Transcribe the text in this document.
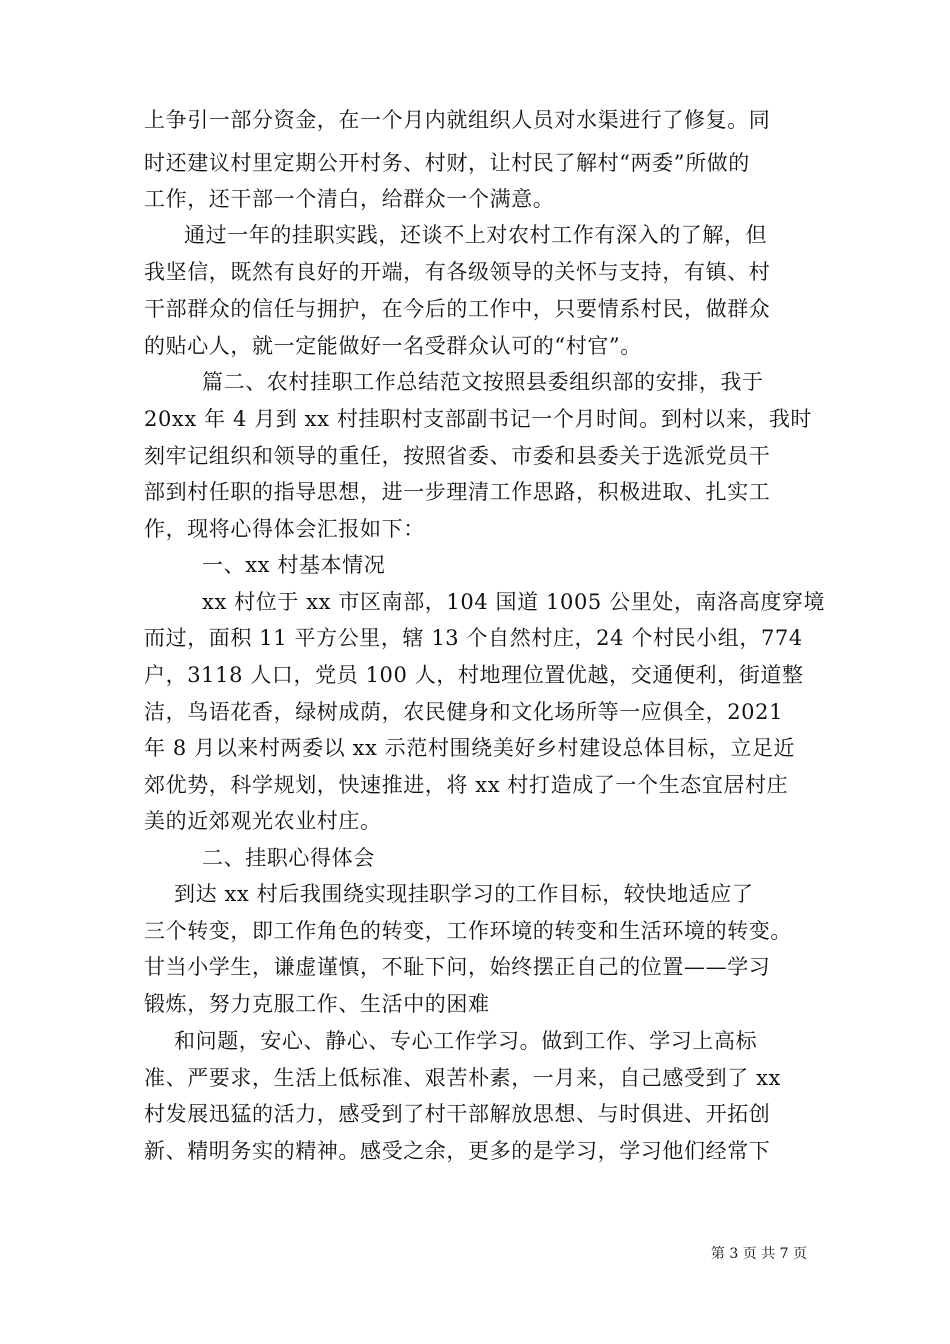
上争引一部分资金，在一个月内就组织人员对水渠进行了修复。同
时还建议村里定期公开村务、村财，让村民了解村“两委”所做的
工作，还干部一个清白，给群众一个满意。
通过一年的挂职实践，还谈不上对农村工作有深入的了解，但
我坚信，既然有良好的开端，有各级领导的关怀与支持，有镇、村
干部群众的信任与拥护，在今后的工作中，只要情系村民，做群众
的贴心人，就一定能做好一名受群众认可的“村官”。
篇二、农村挂职工作总结范文按照县委组织部的安排，我于
20xx 年 4 月到 xx 村挂职村支部副书记一个月时间。到村以来，我时
刻牢记组织和领导的重任，按照省委、市委和县委关于选派党员干
部到村任职的指导思想，进一步理清工作思路，积极进取、扎实工
作，现将心得体会汇报如下：
一、xx 村基本情况
xx 村位于 xx 市区南部，104 国道 1005 公里处，南洛高度穿境
而过，面积 11 平方公里，辖 13 个自然村庄，24 个村民小组，774
户，3118 人口，党员 100 人，村地理位置优越，交通便利，街道整
洁，鸟语花香，绿树成荫，农民健身和文化场所等一应俱全，2021
年 8 月以来村两委以 xx 示范村围绕美好乡村建设总体目标，立足近
郊优势，科学规划，快速推进，将 xx 村打造成了一个生态宜居村庄
美的近郊观光农业村庄。
二、挂职心得体会
到达 xx 村后我围绕实现挂职学习的工作目标，较快地适应了
三个转变，即工作角色的转变，工作环境的转变和生活环境的转变。
甘当小学生，谦虚谨慎，不耻下问，始终摆正自己的位置——学习
锻炼，努力克服工作、生活中的困难
和问题，安心、静心、专心工作学习。做到工作、学习上高标
准、严要求，生活上低标准、艰苦朴素，一月来，自己感受到了 xx
村发展迅猛的活力，感受到了村干部解放思想、与时俱进、开拓创
新、精明务实的精神。感受之余，更多的是学习，学习他们经常下
第 3 页 共 7 页
